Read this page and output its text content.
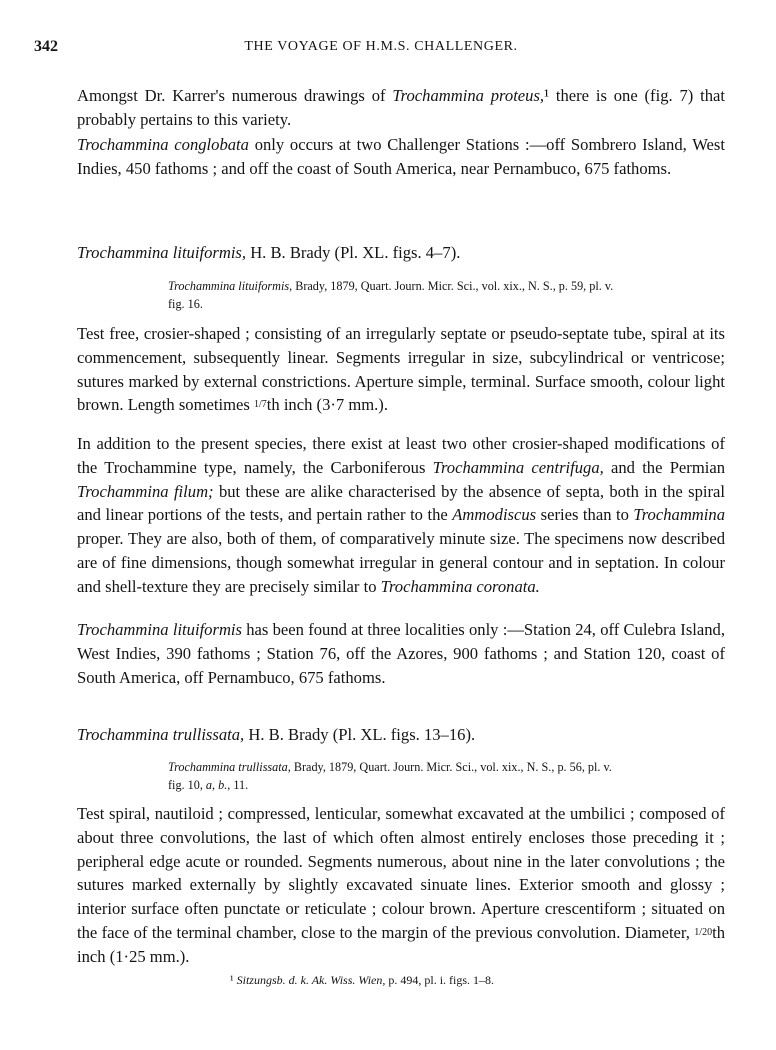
342	THE VOYAGE OF H.M.S. CHALLENGER.

Amongst Dr. Karrer's numerous drawings of Trochammina proteus,¹ there is one (fig. 7) that probably pertains to this variety.

Trochammina conglobata only occurs at two Challenger Stations :—off Sombrero Island, West Indies, 450 fathoms ; and off the coast of South America, near Pernambuco, 675 fathoms.

Trochammina lituiformis, H. B. Brady (Pl. XL. figs. 4–7).

Trochammina lituiformis, Brady, 1879, Quart. Journ. Micr. Sci., vol. xix., N. S., p. 59, pl. v.
fig. 16.

Test free, crosier-shaped ; consisting of an irregularly septate or pseudo-septate tube, spiral at its commencement, subsequently linear. Segments irregular in size, subcylindrical or ventricose; sutures marked by external constrictions. Aperture simple, terminal. Surface smooth, colour light brown. Length sometimes 1/7th inch (3·7 mm.).

In addition to the present species, there exist at least two other crosier-shaped modifications of the Trochammine type, namely, the Carboniferous Trochammina centrifuga, and the Permian Trochammina filum; but these are alike characterised by the absence of septa, both in the spiral and linear portions of the tests, and pertain rather to the Ammodiscus series than to Trochammina proper. They are also, both of them, of comparatively minute size. The specimens now described are of fine dimensions, though somewhat irregular in general contour and in septation. In colour and shell-texture they are precisely similar to Trochammina coronata.

Trochammina lituiformis has been found at three localities only :—Station 24, off Culebra Island, West Indies, 390 fathoms ; Station 76, off the Azores, 900 fathoms ; and Station 120, coast of South America, off Pernambuco, 675 fathoms.

Trochammina trullissata, H. B. Brady (Pl. XL. figs. 13–16).

Trochammina trullissata, Brady, 1879, Quart. Journ. Micr. Sci., vol. xix., N. S., p. 56, pl. v.
fig. 10, a, b., 11.

Test spiral, nautiloid ; compressed, lenticular, somewhat excavated at the umbilici ; composed of about three convolutions, the last of which often almost entirely encloses those preceding it ; peripheral edge acute or rounded. Segments numerous, about nine in the later convolutions ; the sutures marked externally by slightly excavated sinuate lines. Exterior smooth and glossy ; interior surface often punctate or reticulate ; colour brown. Aperture crescentiform ; situated on the face of the terminal chamber, close to the margin of the previous convolution. Diameter, 1/20th inch (1·25 mm.).

¹ Sitzungsb. d. k. Ak. Wiss. Wien, p. 494, pl. i. figs. 1–8.
